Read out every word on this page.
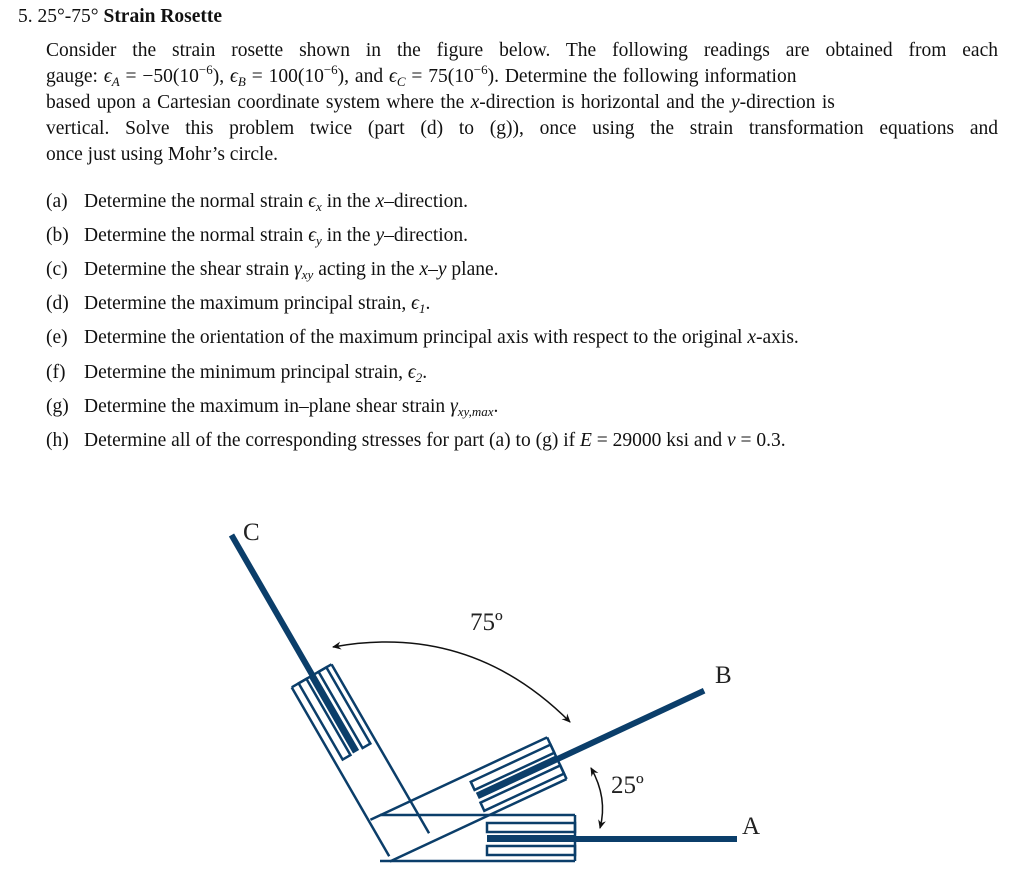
5. 25°-75° Strain Rosette
Consider the strain rosette shown in the figure below. The following readings are obtained from each
gauge: $\epsilon_A = -50(10^{-6})$, $\epsilon_B = 100(10^{-6})$, and $\epsilon_C = 75(10^{-6})$. Determine the following information
based upon a Cartesian coordinate system where the x-direction is horizontal and the y-direction is
vertical. Solve this problem twice (part (d) to (g)), once using the strain transformation equations and
once just using Mohr’s circle.
(a) Determine the normal strain $\epsilon_x$ in the x–direction.
(b) Determine the normal strain $\epsilon_y$ in the y–direction.
(c) Determine the shear strain $\gamma_{xy}$ acting in the x–y plane.
(d) Determine the maximum principal strain, $\epsilon_1$.
(e) Determine the orientation of the maximum principal axis with respect to the original x-axis.
(f) Determine the minimum principal strain, $\epsilon_2$.
(g) Determine the maximum in–plane shear strain $\gamma_{xy,max}$.
(h) Determine all of the corresponding stresses for part (a) to (g) if E = 29000 ksi and ν = 0.3.
C
75º
B
25º
A
